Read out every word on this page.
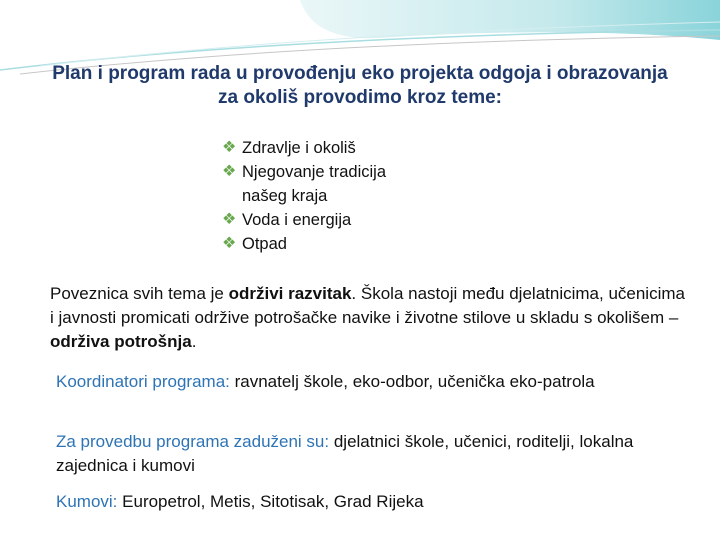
Plan i program rada u provođenju eko projekta odgoja i obrazovanja za okoliš provodimo kroz teme:
❖ Zdravlje i okoliš
❖ Njegovanje tradicija našeg kraja
❖ Voda i energija
❖ Otpad
Poveznica svih tema je održivi razvitak. Škola nastoji među djelatnicima, učenicima i javnosti promicati održive potrošačke navike i životne stilove u skladu s okolišem – održiva potrošnja.
Koordinatori programa: ravnatelj škole, eko-odbor, učenička eko-patrola
Za provedbu programa zaduženi su: djelatnici škole, učenici, roditelji, lokalna zajednica i kumovi
Kumovi: Europetrol, Metis, Sitotisak, Grad Rijeka
